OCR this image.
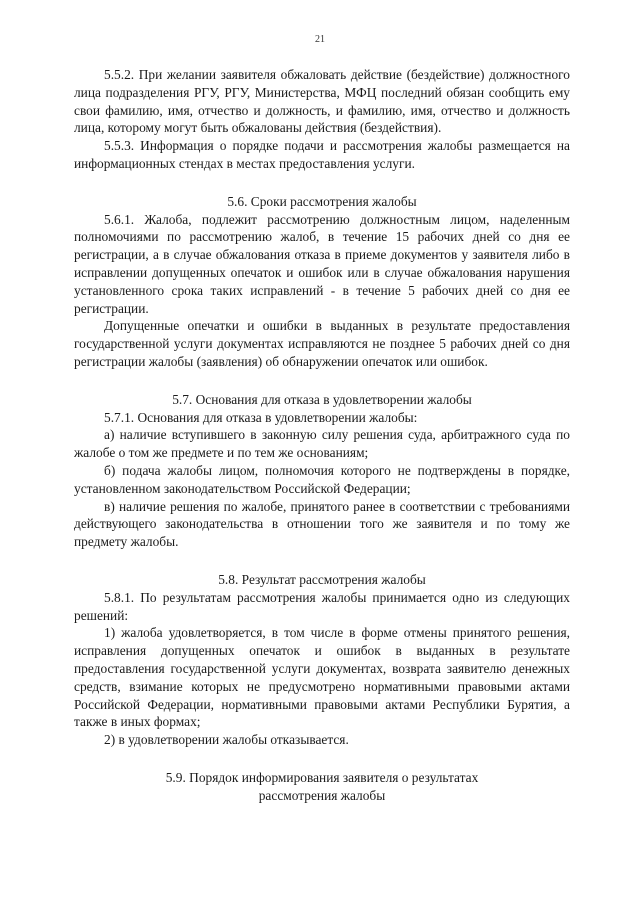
21

5.5.2. При желании заявителя обжаловать действие (бездействие) должностного лица подразделения РГУ, РГУ, Министерства, МФЦ последний обязан сообщить ему свои фамилию, имя, отчество и должность, и фамилию, имя, отчество и должность лица, которому могут быть обжалованы действия (бездействия).

5.5.3. Информация о порядке подачи и рассмотрения жалобы размещается на информационных стендах в местах предоставления услуги.

5.6. Сроки рассмотрения жалобы

5.6.1. Жалоба, подлежит рассмотрению должностным лицом, наделенным полномочиями по рассмотрению жалоб, в течение 15 рабочих дней со дня ее регистрации, а в случае обжалования отказа в приеме документов у заявителя либо в исправлении допущенных опечаток и ошибок или в случае обжалования нарушения установленного срока таких исправлений - в течение 5 рабочих дней со дня ее регистрации.

Допущенные опечатки и ошибки в выданных в результате предоставления государственной услуги документах исправляются не позднее 5 рабочих дней со дня регистрации жалобы (заявления) об обнаружении опечаток или ошибок.

5.7. Основания для отказа в удовлетворении жалобы

5.7.1. Основания для отказа в удовлетворении жалобы:

а) наличие вступившего в законную силу решения суда, арбитражного суда по жалобе о том же предмете и по тем же основаниям;

б) подача жалобы лицом, полномочия которого не подтверждены в порядке, установленном законодательством Российской Федерации;

в) наличие решения по жалобе, принятого ранее в соответствии с требованиями действующего законодательства в отношении того же заявителя и по тому же предмету жалобы.

5.8. Результат рассмотрения жалобы

5.8.1. По результатам рассмотрения жалобы принимается одно из следующих решений:

1) жалоба удовлетворяется, в том числе в форме отмены принятого решения, исправления допущенных опечаток и ошибок в выданных в результате предоставления государственной услуги документах, возврата заявителю денежных средств, взимание которых не предусмотрено нормативными правовыми актами Российской Федерации, нормативными правовыми актами Республики Бурятия, а также в иных формах;

2) в удовлетворении жалобы отказывается.

5.9. Порядок информирования заявителя о результатах

рассмотрения жалобы
